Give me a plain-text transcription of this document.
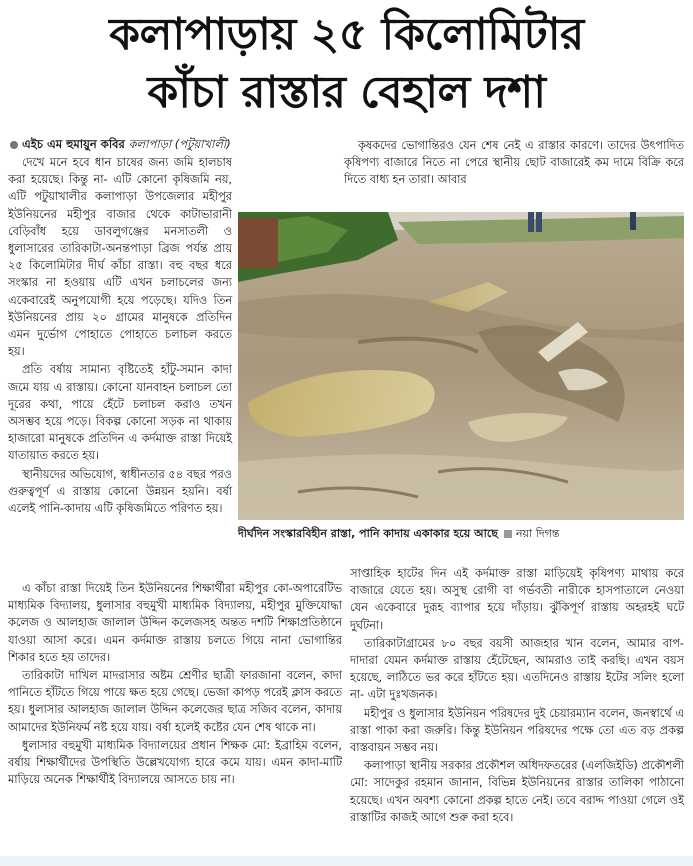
কলাপাড়ায় ২৫ কিলোমিটার
কাঁচা রাস্তার বেহাল দশা
এইচ এম হুমায়ুন কবির কলাপাড়া (পটুয়াখালী)

দেখে মনে হবে ধান চাষের জন্য জমি হালচাষ করা হয়েছে। কিন্তু না- এটি কোনো কৃষিজমি নয়, এটি পটুয়াখালীর কলাপাড়া উপজেলার মহীপুর ইউনিয়নের মহীপুর বাজার থেকে কাটাভারানী বেড়িবাঁধ হয়ে ডাবলুগঞ্জের মনসাতলী ও ধুলাসারের তারিকাটা-অনন্তপাড়া ব্রিজ পর্যন্ত প্রায় ২৫ কিলোমিটার দীর্ঘ কাঁচা রাস্তা। বহু বছর ধরে সংস্কার না হওয়ায় এটি এখন চলাচলের জন্য একেবারেই অনুপযোগী হয়ে পড়েছে। যদিও তিন ইউনিয়নের প্রায় ২০ গ্রামের মানুষকে প্রতিদিন এমন দুর্ভোগ পোহাতে পোহাতে চলাচল করতে হয়।

প্রতি বর্ষায় সামান্য বৃষ্টিতেই হাঁটু-সমান কাদা জমে যায় এ রাস্তায়। কোনো যানবাহন চলাচল তো দূরের কথা, পায়ে হেঁটে চলাচল করাও তখন অসম্ভব হয়ে পড়ে। বিকল্প কোনো সড়ক না থাকায় হাজারো মানুষকে প্রতিদিন এ কর্দমাক্ত রাস্তা দিয়েই যাতায়াত করতে হয়।

স্থানীয়দের অভিযোগ, স্বাধীনতার ৫৪ বছর পরও গুরুত্বপূর্ণ এ রাস্তায় কোনো উন্নয়ন হয়নি। বর্ষা এলেই পানি-কাদায় এটি কৃষিজমিতে পরিণত হয়।

কৃষকদের ভোগান্তিরও যেন শেষ নেই এ রাস্তার কারণে। তাদের উৎপাদিত কৃষিপণ্য বাজারে নিতে না পেরে স্থানীয় ছোট বাজারেই কম দামে বিক্রি করে দিতে বাধ্য হন তারা। আবার

দীর্ঘদিন সংস্কারবিহীন রাস্তা, পানি কাদায় একাকার হয়ে আছে নয়া দিগন্ত

এ কাঁচা রাস্তা দিয়েই তিন ইউনিয়নের শিক্ষার্থীরা মহীপুর কো-অপারেটিভ মাধ্যমিক বিদ্যালয়, ধুলাসার বহুমুখী মাধ্যমিক বিদ্যালয়, মহীপুর মুক্তিযোদ্ধা কলেজ ও আলহাজ জালাল উদ্দিন কলেজসহ অন্তত দশটি শিক্ষাপ্রতিষ্ঠানে যাওয়া আসা করে। এমন কর্দমাক্ত রাস্তায় চলতে গিয়ে নানা ভোগান্তির শিকার হতে হয় তাদের।

তারিকাটা দাখিল মাদরাসার অষ্টম শ্রেণীর ছাত্রী ফারজানা বলেন, কাদা পানিতে হাঁটতে গিয়ে পায়ে ক্ষত হয়ে গেছে। ভেজা কাপড় পরেই ক্লাস করতে হয়। ধুলাসার আলহাজ জালাল উদ্দিন কলেজের ছাত্র সজিব বলেন, কাদায় আমাদের ইউনিফর্ম নষ্ট হয়ে যায়। বর্ষা হলেই কষ্টের যেন শেষ থাকে না।

ধুলাসার বহুমুখী মাধ্যমিক বিদ্যালয়ের প্রধান শিক্ষক মো: ইব্রাহিম বলেন, বর্ষায় শিক্ষার্থীদের উপস্থিতি উল্লেখযোগ্য হারে কমে যায়। এমন কাদা-মাটি মাড়িয়ে অনেক শিক্ষার্থীই বিদ্যালয়ে আসতে চায় না।

সাপ্তাহিক হাটের দিন এই কর্দমাক্ত রাস্তা মাড়িয়েই কৃষিপণ্য মাথায় করে বাজারে যেতে হয়। অসুস্থ রোগী বা গর্ভবতী নারীকে হাসপাতালে নেওয়া যেন একেবারে দুরূহ ব্যাপার হয়ে দাঁড়ায়। ঝুঁকিপূর্ণ রাস্তায় অহরহই ঘটে দুর্ঘটনা।

তারিকাটাগ্রামের ৮০ বছর বয়সী আজহার খান বলেন, আমার বাপ-দাদারা যেমন কর্দমাক্ত রাস্তায় হেঁটেছেন, আমরাও তাই করছি। এখন বয়স হয়েছে, লাঠিতে ভর করে হাঁটতে হয়। এতদিনেও রাস্তায় ইটের সলিং হলো না- এটা দুঃখজনক।

মহীপুর ও ধুলাসার ইউনিয়ন পরিষদের দুই চেয়ারম্যান বলেন, জনস্বার্থে এ রাস্তা পাকা করা জরুরি। কিন্তু ইউনিয়ন পরিষদের পক্ষে তো এত বড় প্রকল্প বাস্তবায়ন সম্ভব নয়।

কলাপাড়া স্থানীয় সরকার প্রকৌশল অধিদফতরের (এলজিইডি) প্রকৌশলী মো: সাদেকুর রহমান জানান, বিভিন্ন ইউনিয়নের রাস্তার তালিকা পাঠানো হয়েছে। এখন অবশ্য কোনো প্রকল্প হাতে নেই। তবে বরাদ্দ পাওয়া গেলে ওই রাস্তাটির কাজই আগে শুরু করা হবে।
